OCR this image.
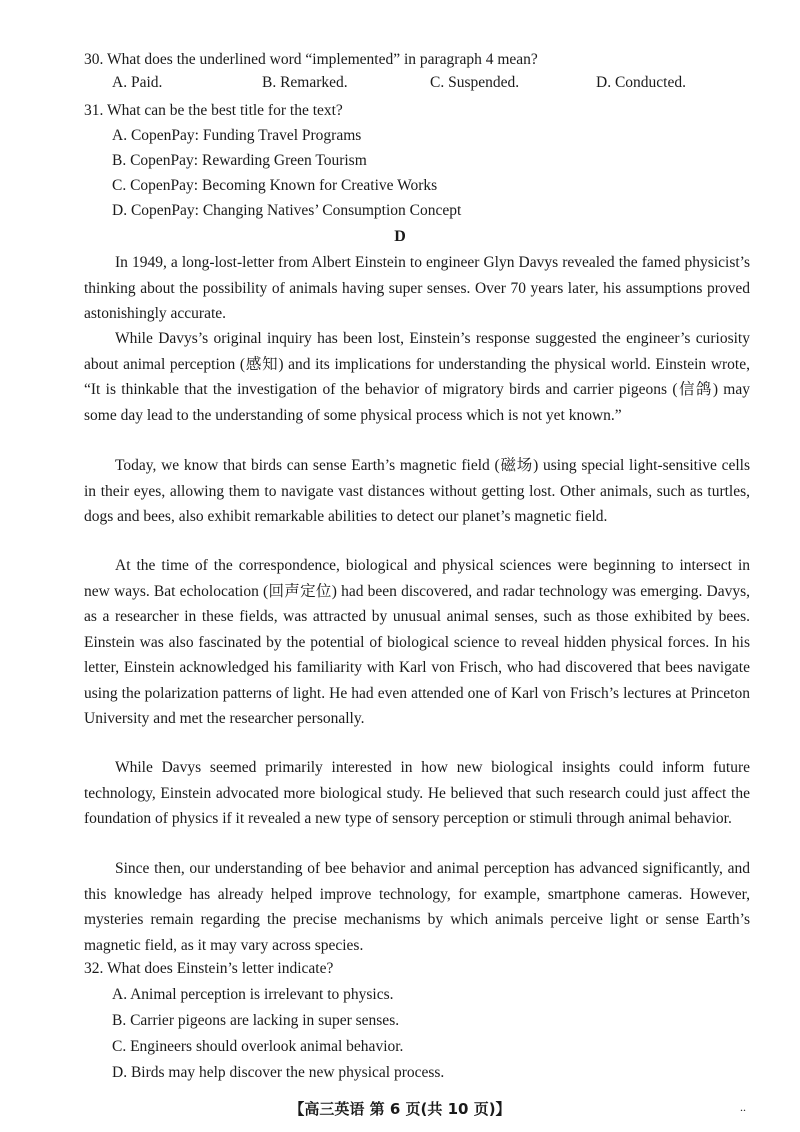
30. What does the underlined word “implemented” in paragraph 4 mean?
A. Paid.	B. Remarked.	C. Suspended.	D. Conducted.
31. What can be the best title for the text?
A. CopenPay: Funding Travel Programs
B. CopenPay: Rewarding Green Tourism
C. CopenPay: Becoming Known for Creative Works
D. CopenPay: Changing Natives’ Consumption Concept
D

In 1949, a long-lost-letter from Albert Einstein to engineer Glyn Davys revealed the famed physicist’s thinking about the possibility of animals having super senses. Over 70 years later, his assumptions proved astonishingly accurate.

While Davys’s original inquiry has been lost, Einstein’s response suggested the engineer’s curiosity about animal perception (感知) and its implications for understanding the physical world. Einstein wrote, “It is thinkable that the investigation of the behavior of migratory birds and carrier pigeons (信鸽) may some day lead to the understanding of some physical process which is not yet known.”

Today, we know that birds can sense Earth’s magnetic field (磁场) using special light-sensitive cells in their eyes, allowing them to navigate vast distances without getting lost. Other animals, such as turtles, dogs and bees, also exhibit remarkable abilities to detect our planet’s magnetic field.

At the time of the correspondence, biological and physical sciences were beginning to intersect in new ways. Bat echolocation (回声定位) had been discovered, and radar technology was emerging. Davys, as a researcher in these fields, was attracted by unusual animal senses, such as those exhibited by bees. Einstein was also fascinated by the potential of biological science to reveal hidden physical forces. In his letter, Einstein acknowledged his familiarity with Karl von Frisch, who had discovered that bees navigate using the polarization patterns of light. He had even attended one of Karl von Frisch’s lectures at Princeton University and met the researcher personally.

While Davys seemed primarily interested in how new biological insights could inform future technology, Einstein advocated more biological study. He believed that such research could just affect the foundation of physics if it revealed a new type of sensory perception or stimuli through animal behavior.

Since then, our understanding of bee behavior and animal perception has advanced significantly, and this knowledge has already helped improve technology, for example, smartphone cameras. However, mysteries remain regarding the precise mechanisms by which animals perceive light or sense Earth’s magnetic field, as it may vary across species.

32. What does Einstein’s letter indicate?
A. Animal perception is irrelevant to physics.
B. Carrier pigeons are lacking in super senses.
C. Engineers should overlook animal behavior.
D. Birds may help discover the new physical process.
【高三英语 第 6 页(共 10 页)】	..
